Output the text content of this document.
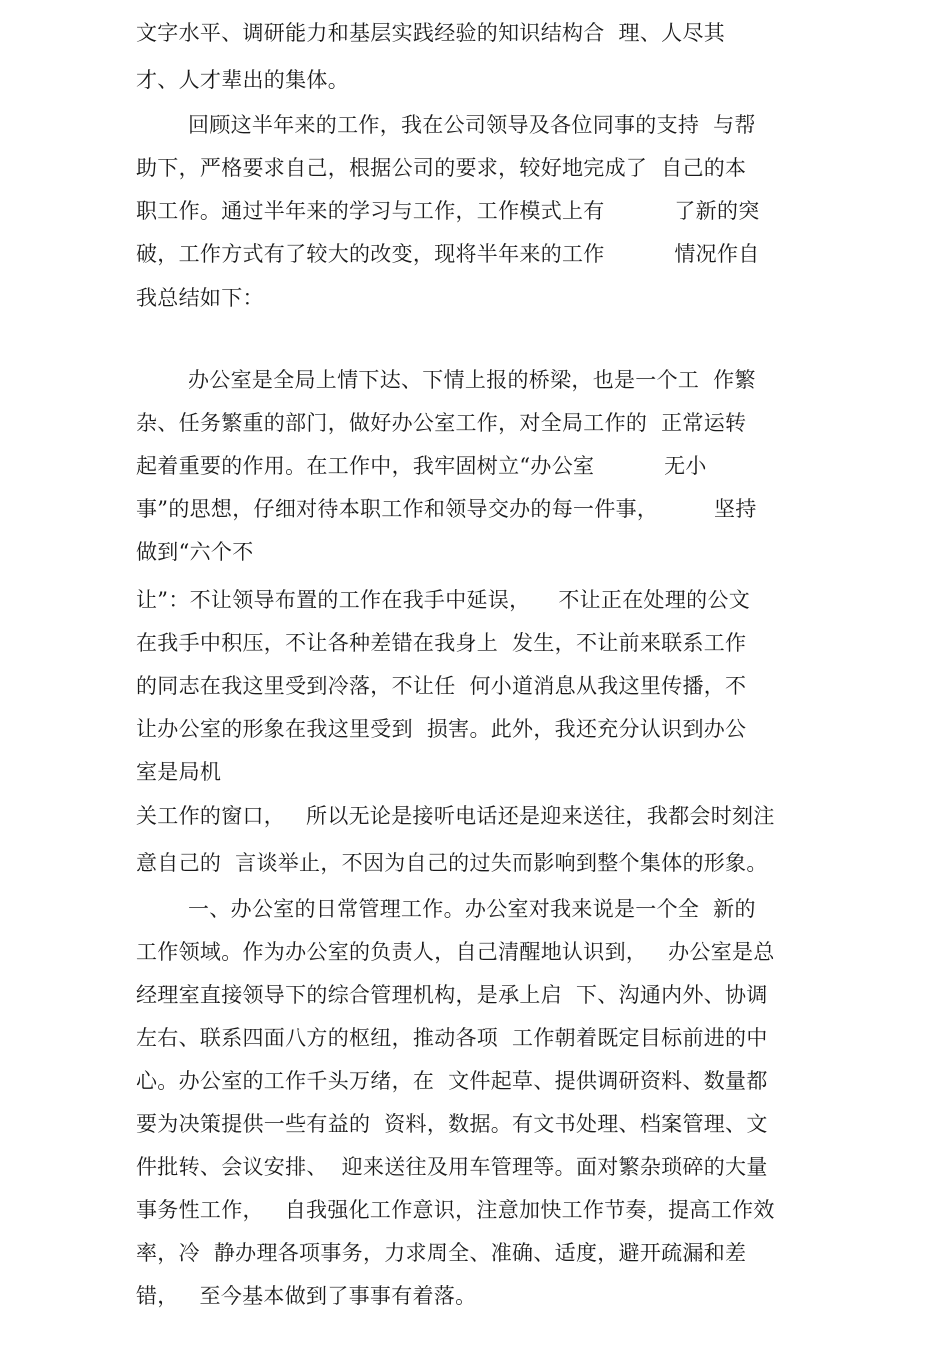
文字水平、调研能力和基层实践经验的知识结构合  理、人尽其
才、人才辈出的集体。
回顾这半年来的工作，我在公司领导及各位同事的支持  与帮
助下，严格要求自己，根据公司的要求，较好地完成了  自己的本
职工作。通过半年来的学习与工作，工作模式上有          了新的突
破，工作方式有了较大的改变，现将半年来的工作          情况作自
我总结如下：
办公室是全局上情下达、下情上报的桥梁，也是一个工  作繁
杂、任务繁重的部门，做好办公室工作，对全局工作的  正常运转
起着重要的作用。在工作中，我牢固树立“办公室          无小
事”的思想，仔细对待本职工作和领导交办的每一件事，        坚持
做到“六个不
让”：不让领导布置的工作在我手中延误，    不让正在处理的公文
在我手中积压，不让各种差错在我身上  发生，不让前来联系工作
的同志在我这里受到冷落，不让任  何小道消息从我这里传播，不
让办公室的形象在我这里受到  损害。此外，我还充分认识到办公
室是局机
关工作的窗口，   所以无论是接听电话还是迎来送往，我都会时刻注
意自己的  言谈举止，不因为自己的过失而影响到整个集体的形象。
一、办公室的日常管理工作。办公室对我来说是一个全  新的
工作领域。作为办公室的负责人，自己清醒地认识到，   办公室是总
经理室直接领导下的综合管理机构，是承上启  下、沟通内外、协调
左右、联系四面八方的枢纽，推动各项  工作朝着既定目标前进的中
心。办公室的工作千头万绪，在  文件起草、提供调研资料、数量都
要为决策提供一些有益的  资料，数据。有文书处理、档案管理、文
件批转、会议安排、  迎来送往及用车管理等。面对繁杂琐碎的大量
事务性工作，   自我强化工作意识，注意加快工作节奏，提高工作效
率，冷  静办理各项事务，力求周全、准确、适度，避开疏漏和差
错，   至今基本做到了事事有着落。
